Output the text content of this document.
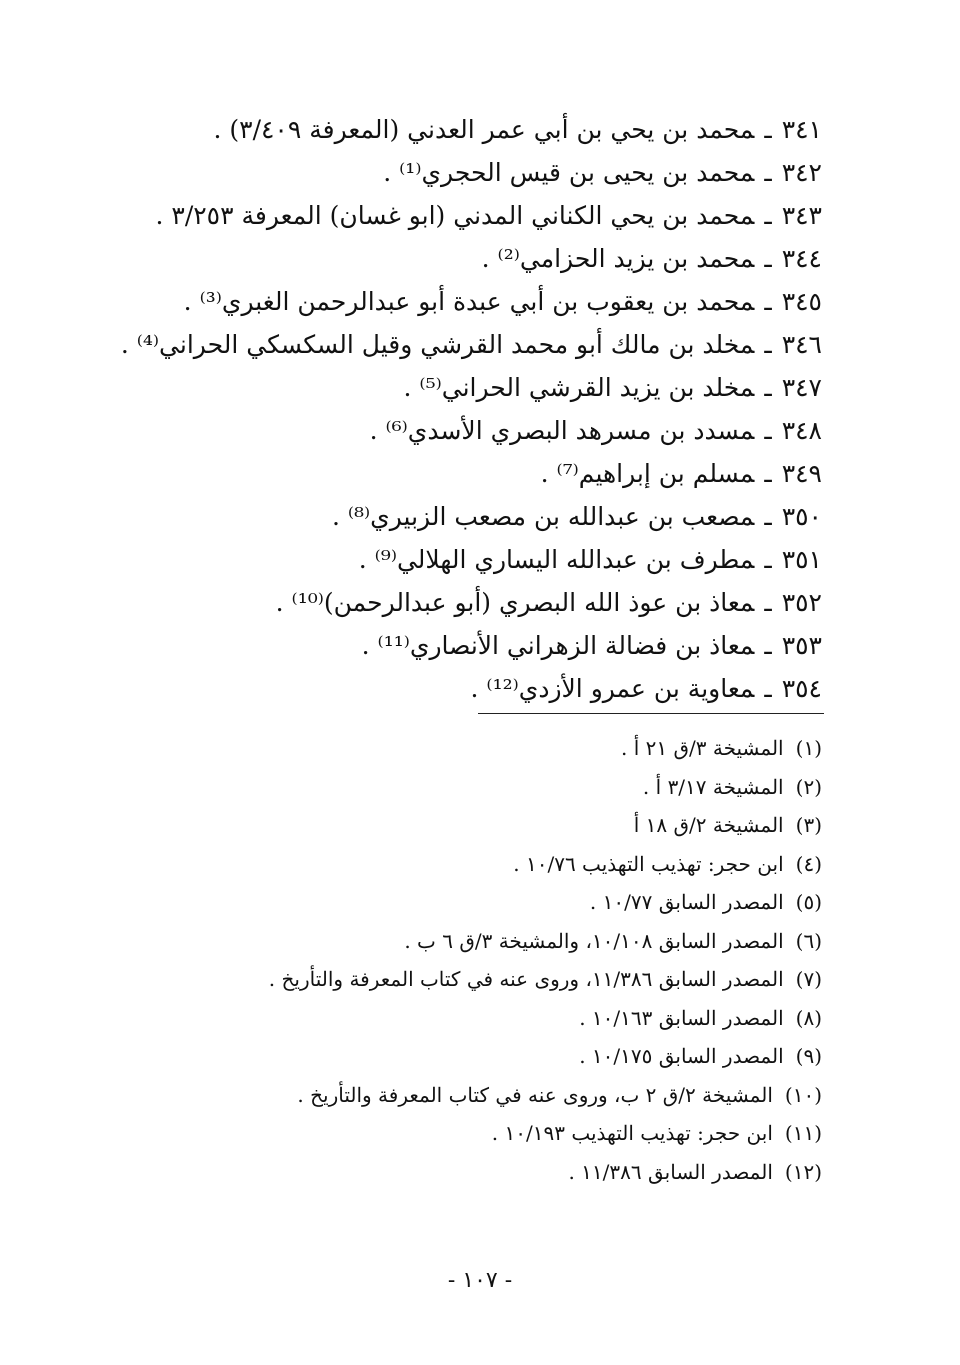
٣٤١ـمحمد بن يحي بن أبي عمر العدني (المعرفة ٣/٤٠٩) .
٣٤٢ـمحمد بن يحيى بن قيس الحجري⁽¹⁾ .
٣٤٣ـمحمد بن يحي الكناني المدني (ابو غسان) المعرفة ٣/٢٥٣ .
٣٤٤ـمحمد بن يزيد الحزامي⁽²⁾ .
٣٤٥ـمحمد بن يعقوب بن أبي عبدة أبو عبدالرحمن الغبري⁽³⁾ .
٣٤٦ـمخلد بن مالك أبو محمد القرشي وقيل السكسكي الحراني⁽⁴⁾ .
٣٤٧ـمخلد بن يزيد القرشي الحراني⁽⁵⁾ .
٣٤٨ـمسدد بن مسرهد البصري الأسدي⁽⁶⁾ .
٣٤٩ـمسلم بن إبراهيم⁽⁷⁾ .
٣٥٠ـمصعب بن عبدالله بن مصعب الزبيري⁽⁸⁾ .
٣٥١ـمطرف بن عبدالله اليساري الهلالي⁽⁹⁾ .
٣٥٢ـمعاذ بن عوذ الله البصري (أبو عبدالرحمن)⁽¹⁰⁾ .
٣٥٣ـمعاذ بن فضالة الزهراني الأنصاري⁽¹¹⁾ .
٣٥٤ـمعاوية بن عمرو الأزدي⁽¹²⁾ .
(١)المشيخة ٣/ق ٢١ أ .
(٢)المشيخة ٣/١٧ أ .
(٣)المشيخة ٢/ق ١٨ أ
(٤)ابن حجر: تهذيب التهذيب ١٠/٧٦ .
(٥)المصدر السابق ١٠/٧٧ .
(٦)المصدر السابق ١٠/١٠٨، والمشيخة ٣/ق ٦ ب .
(٧)المصدر السابق ١١/٣٨٦، وروى عنه في كتاب المعرفة والتأريخ .
(٨)المصدر السابق ١٠/١٦٣ .
(٩)المصدر السابق ١٠/١٧٥ .
(١٠)المشيخة ٢/ق ٢ ب، وروى عنه في كتاب المعرفة والتأريخ .
(١١)ابن حجر: تهذيب التهذيب ١٠/١٩٣ .
(١٢)المصدر السابق ١١/٣٨٦ .
- ١٠٧ -
